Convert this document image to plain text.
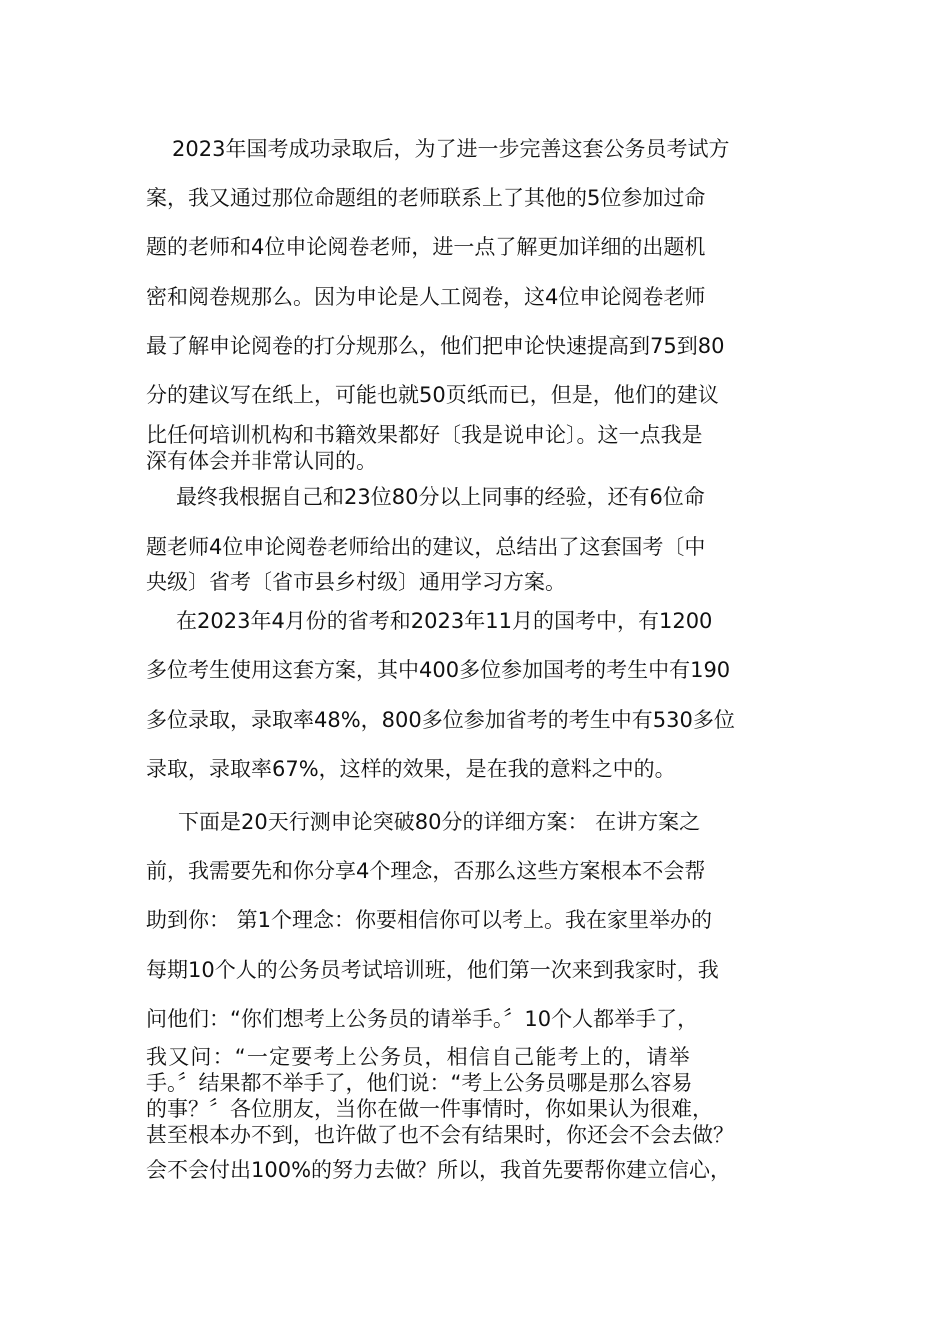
2023年国考成功录取后，为了进一步完善这套公务员考试方
案，我又通过那位命题组的老师联系上了其他的5位参加过命
题的老师和4位申论阅卷老师，进一点了解更加详细的出题机
密和阅卷规那么。因为申论是人工阅卷，这4位申论阅卷老师
最了解申论阅卷的打分规那么，他们把申论快速提高到75到80
分的建议写在纸上，可能也就50页纸而已，但是，他们的建议
比任何培训机构和书籍效果都好〔我是说申论〕。这一点我是
深有体会并非常认同的。
最终我根据自己和23位80分以上同事的经验，还有6位命
题老师4位申论阅卷老师给出的建议，总结出了这套国考〔中
央级〕省考〔省市县乡村级〕通用学习方案。
在2023年4月份的省考和2023年11月的国考中，有1200
多位考生使用这套方案，其中400多位参加国考的考生中有190
多位录取，录取率48%，800多位参加省考的考生中有530多位
录取，录取率67%，这样的效果，是在我的意料之中的。
下面是20天行测申论突破80分的详细方案： 在讲方案之
前，我需要先和你分享4个理念，否那么这些方案根本不会帮
助到你： 第1个理念：你要相信你可以考上。我在家里举办的
每期10个人的公务员考试培训班，他们第一次来到我家时，我
问他们：“你们想考上公务员的请举手。〞10个人都举手了，
我又问：“一定要考上公务员，相信自己能考上的，请举
手。〞结果都不举手了，他们说：“考上公务员哪是那么容易
的事？〞各位朋友，当你在做一件事情时，你如果认为很难，
甚至根本办不到，也许做了也不会有结果时，你还会不会去做？
会不会付出100%的努力去做？所以，我首先要帮你建立信心，
